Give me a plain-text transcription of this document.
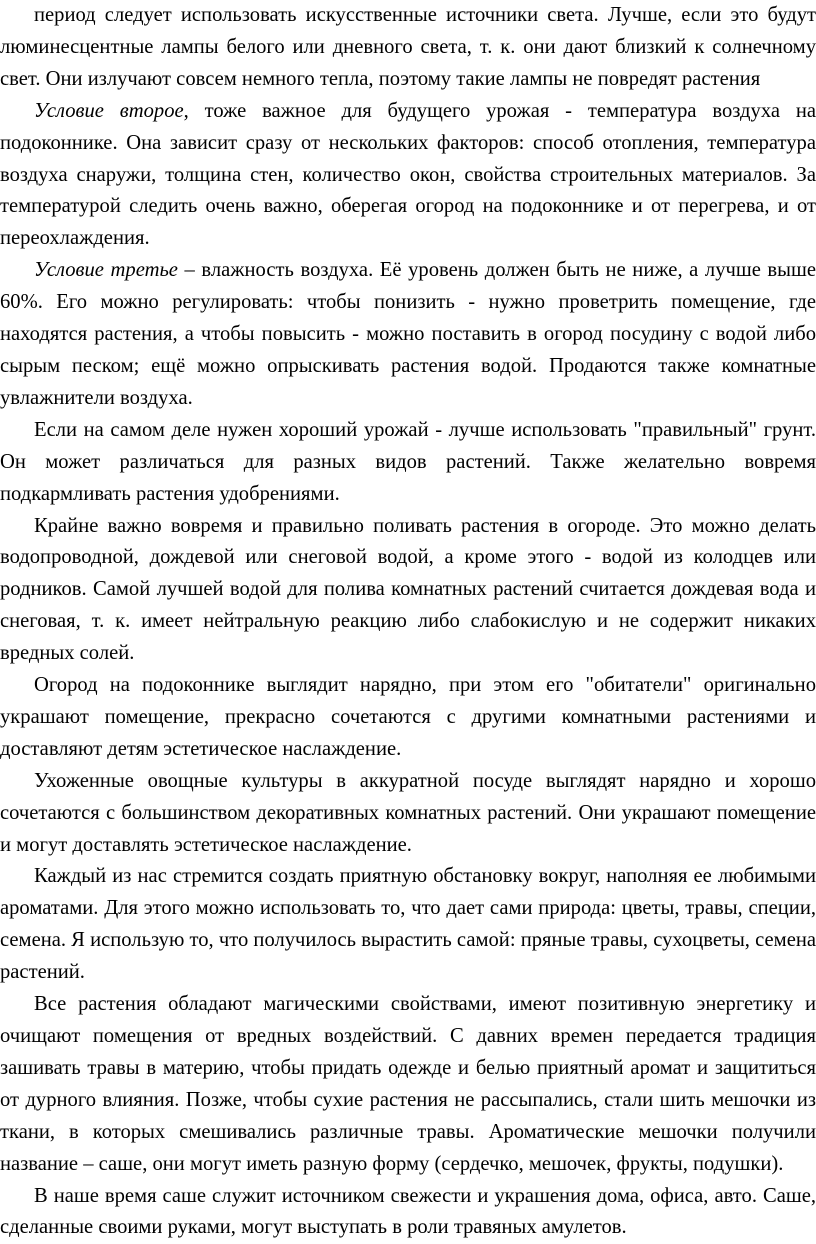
период следует использовать искусственные источники света. Лучше, если это будут люминесцентные лампы белого или дневного света, т. к. они дают близкий к солнечному свет. Они излучают совсем немного тепла, поэтому такие лампы не повредят растения

Условие второе, тоже важное для будущего урожая - температура воздуха на подоконнике. Она зависит сразу от нескольких факторов: способ отопления, температура воздуха снаружи, толщина стен, количество окон, свойства строительных материалов. За температурой следить очень важно, оберегая огород на подоконнике и от перегрева, и от переохлаждения.

Условие третье – влажность воздуха. Её уровень должен быть не ниже, а лучше выше 60%. Его можно регулировать: чтобы понизить - нужно проветрить помещение, где находятся растения, а чтобы повысить - можно поставить в огород посудину с водой либо сырым песком; ещё можно опрыскивать растения водой. Продаются также комнатные увлажнители воздуха.

Если на самом деле нужен хороший урожай - лучше использовать "правильный" грунт. Он может различаться для разных видов растений. Также желательно вовремя подкармливать растения удобрениями.

Крайне важно вовремя и правильно поливать растения в огороде. Это можно делать водопроводной, дождевой или снеговой водой, а кроме этого - водой из колодцев или родников. Самой лучшей водой для полива комнатных растений считается дождевая вода и снеговая, т. к. имеет нейтральную реакцию либо слабокислую и не содержит никаких вредных солей.

Огород на подоконнике выглядит нарядно, при этом его "обитатели" оригинально украшают помещение, прекрасно сочетаются с другими комнатными растениями и доставляют детям эстетическое наслаждение.

Ухоженные овощные культуры в аккуратной посуде выглядят нарядно и хорошо сочетаются с большинством декоративных комнатных растений. Они украшают помещение и могут доставлять эстетическое наслаждение.

Каждый из нас стремится создать приятную обстановку вокруг, наполняя ее любимыми ароматами. Для этого можно использовать то, что дает сами природа: цветы, травы, специи, семена. Я использую то, что получилось вырастить самой: пряные травы, сухоцветы, семена растений.

Все растения обладают магическими свойствами, имеют позитивную энергетику и очищают помещения от вредных воздействий. С давних времен передается традиция зашивать травы в материю, чтобы придать одежде и белью приятный аромат и защититься от дурного влияния. Позже, чтобы сухие растения не рассыпались, стали шить мешочки из ткани, в которых смешивались различные травы. Ароматические мешочки получили название – саше, они могут иметь разную форму (сердечко, мешочек, фрукты, подушки).

В наше время саше служит источником свежести и украшения дома, офиса, авто. Саше, сделанные своими руками, могут выступать в роли травяных амулетов.
